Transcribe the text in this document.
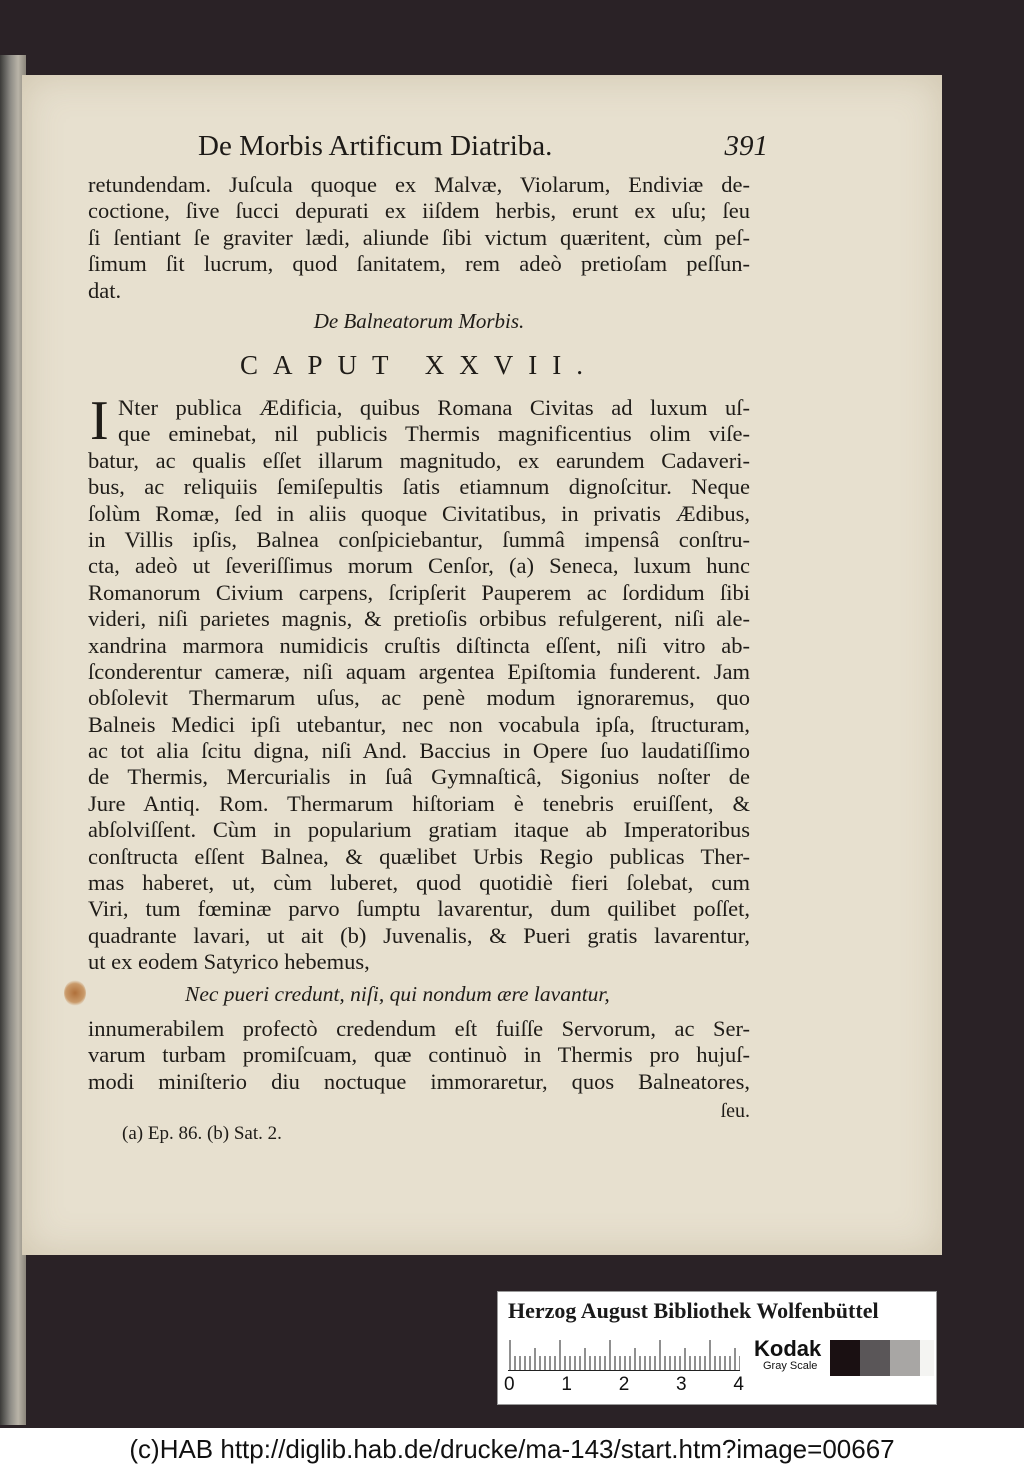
De Morbis Artificum Diatriba.	391
retundendam. Juſcula quoque ex Malvæ, Violarum, Endiviæ de-
coctione, ſive ſucci depurati ex iiſdem herbis, erunt ex uſu; ſeu
ſi ſentiant ſe graviter lædi, aliunde ſibi victum quæritent, cùm peſ-
ſimum ſit lucrum, quod ſanitatem, rem adeò pretioſam peſſun-
dat.
De Balneatorum Morbis.
CAPUT XXVII.
I Nter publica Ædificia, quibus Romana Civitas ad luxum uſ-
que eminebat, nil publicis Thermis magnificentius olim viſe-
batur, ac qualis eſſet illarum magnitudo, ex earundem Cadaveri-
bus, ac reliquiis ſemiſepultis ſatis etiamnum dignoſcitur. Neque
ſolùm Romæ, ſed in aliis quoque Civitatibus, in privatis Ædibus,
in Villis ipſis, Balnea conſpiciebantur, ſummâ impensâ conſtru-
cta, adeò ut ſeveriſſimus morum Cenſor, (a) Seneca, luxum hunc
Romanorum Civium carpens, ſcripſerit Pauperem ac ſordidum ſibi
videri, niſi parietes magnis, & pretioſis orbibus refulgerent, niſi ale-
xandrina marmora numidicis cruſtis diſtincta eſſent, niſi vitro ab-
ſconderentur cameræ, niſi aquam argentea Epiſtomia funderent. Jam
obſolevit Thermarum uſus, ac penè modum ignoraremus, quo
Balneis Medici ipſi utebantur, nec non vocabula ipſa, ſtructuram,
ac tot alia ſcitu digna, niſi And. Baccius in Opere ſuo laudatiſſimo
de Thermis, Mercurialis in ſuâ Gymnaſticâ, Sigonius noſter de
Jure Antiq. Rom. Thermarum hiſtoriam è tenebris eruiſſent, &
abſolviſſent. Cùm in popularium gratiam itaque ab Imperatoribus
conſtructa eſſent Balnea, & quælibet Urbis Regio publicas Ther-
mas haberet, ut, cùm luberet, quod quotidiè fieri ſolebat, cum
Viri, tum fœminæ parvo ſumptu lavarentur, dum quilibet poſſet,
quadrante lavari, ut ait (b) Juvenalis, & Pueri gratis lavarentur,
ut ex eodem Satyrico hebemus,
Nec pueri credunt, niſi, qui nondum ære lavantur,
innumerabilem profectò credendum eſt fuiſſe Servorum, ac Ser-
varum turbam promiſcuam, quæ continuò in Thermis pro hujuſ-
modi miniſterio diu noctuque immoraretur, quos Balneatores,
ſeu.
(a) Ep. 86. (b) Sat. 2.
Herzog August Bibliothek Wolfenbüttel
0 1 2 3 4
Kodak
Gray Scale
(c)HAB http://diglib.hab.de/drucke/ma-143/start.htm?image=00667
